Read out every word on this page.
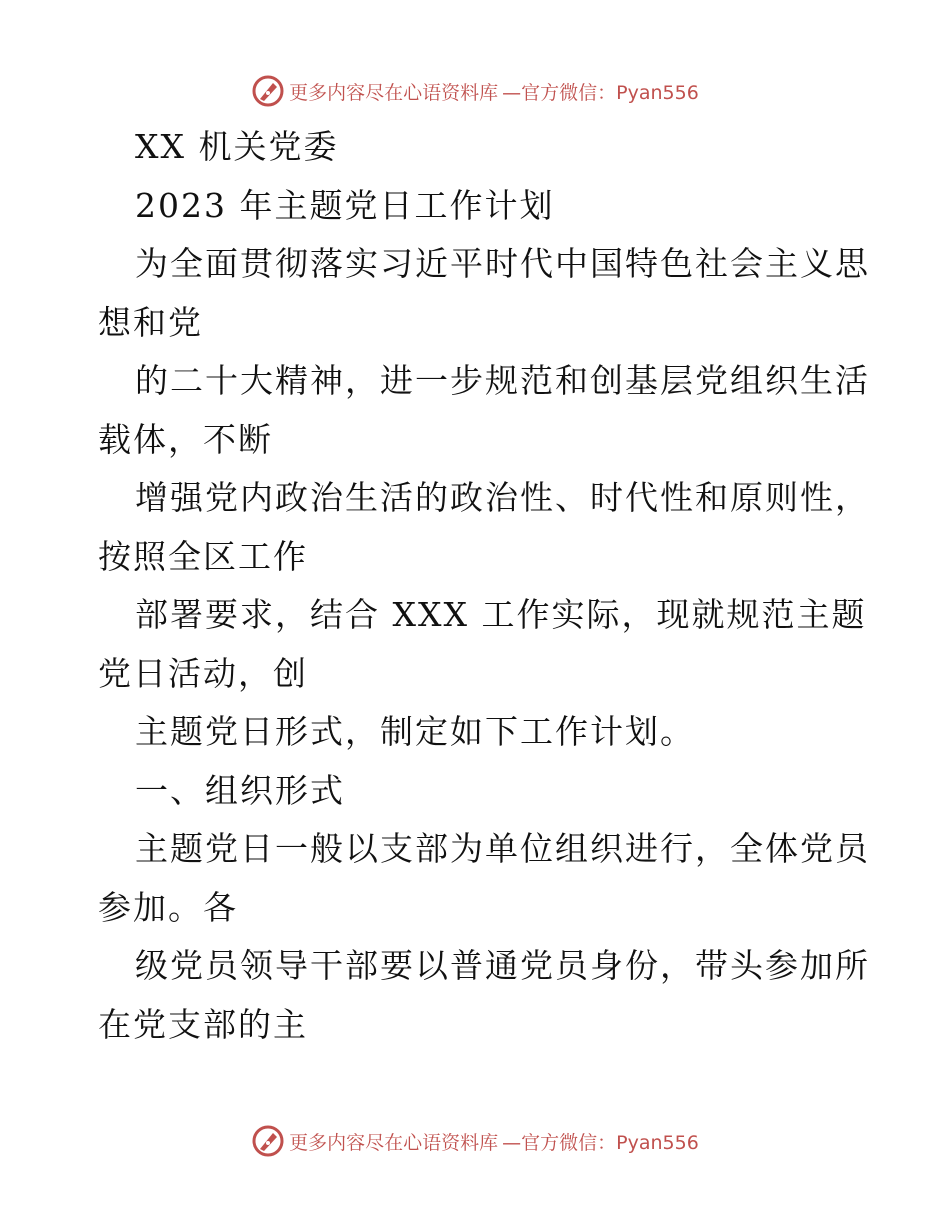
更多内容尽在心语资料库 —官方微信：Pyan556

XX 机关党委

2023 年主题党日工作计划

为全面贯彻落实习近平时代中国特色社会主义思

想和党

的二十大精神，进一步规范和创基层党组织生活

载体，不断

增强党内政治生活的政治性、时代性和原则性，

按照全区工作

部署要求，结合 XXX 工作实际，现就规范主题

党日活动，创

主题党日形式，制定如下工作计划。

一、组织形式

主题党日一般以支部为单位组织进行，全体党员

参加。各

级党员领导干部要以普通党员身份，带头参加所

在党支部的主

更多内容尽在心语资料库 —官方微信：Pyan556
